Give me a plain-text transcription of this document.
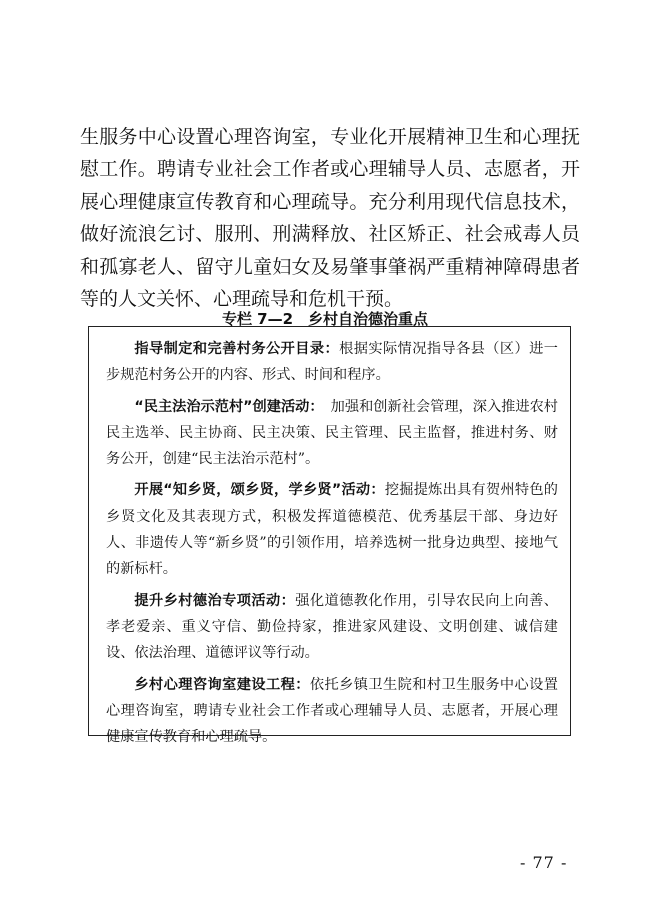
生服务中心设置心理咨询室，专业化开展精神卫生和心理抚慰工作。聘请专业社会工作者或心理辅导人员、志愿者，开展心理健康宣传教育和心理疏导。充分利用现代信息技术，做好流浪乞讨、服刑、刑满释放、社区矫正、社会戒毒人员和孤寡老人、留守儿童妇女及易肇事肇祸严重精神障碍患者等的人文关怀、心理疏导和危机干预。

专栏 7—2　乡村自治德治重点

指导制定和完善村务公开目录：根据实际情况指导各县（区）进一步规范村务公开的内容、形式、时间和程序。

“民主法治示范村”创建活动：　加强和创新社会管理，深入推进农村民主选举、民主协商、民主决策、民主管理、民主监督，推进村务、财务公开，创建“民主法治示范村”。

开展“知乡贤，颂乡贤，学乡贤”活动：挖掘提炼出具有贺州特色的乡贤文化及其表现方式，积极发挥道德模范、优秀基层干部、身边好人、非遗传人等“新乡贤”的引领作用，培养选树一批身边典型、接地气的新标杆。

提升乡村德治专项活动：强化道德教化作用，引导农民向上向善、孝老爱亲、重义守信、勤俭持家，推进家风建设、文明创建、诚信建设、依法治理、道德评议等行动。

乡村心理咨询室建设工程：依托乡镇卫生院和村卫生服务中心设置心理咨询室，聘请专业社会工作者或心理辅导人员、志愿者，开展心理健康宣传教育和心理疏导。

- 77 -
